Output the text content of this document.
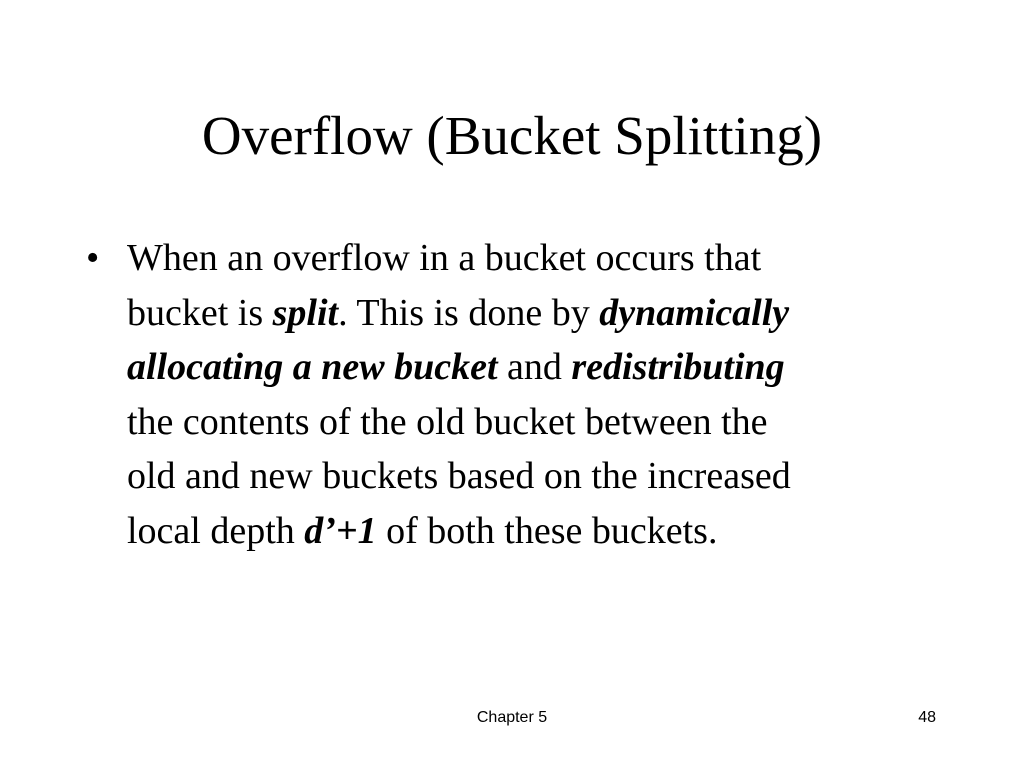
Overflow (Bucket Splitting)
• When an overflow in a bucket occurs that
bucket is split. This is done by dynamically
allocating a new bucket and redistributing
the contents of the old bucket between the
old and new buckets based on the increased
local depth d’+1 of both these buckets.
Chapter 5	48
